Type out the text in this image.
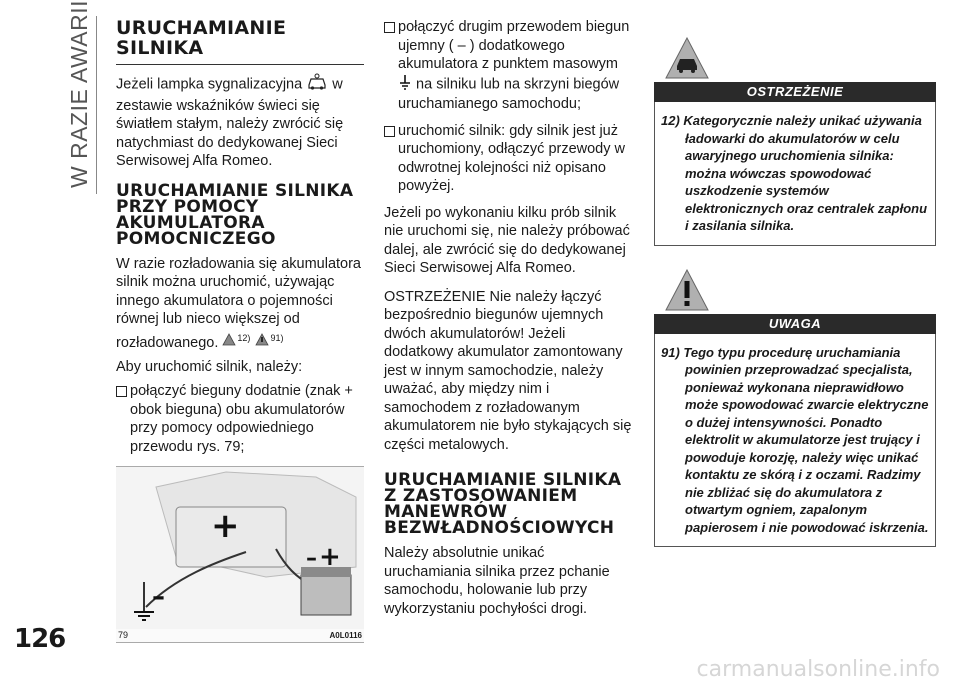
W RAZIE AWARII
126
carmanualsonline.info
URUCHAMIANIE SILNIKA

Jeżeli lampka sygnalizacyjna w zestawie wskaźników świeci się światłem stałym, należy zwrócić się natychmiast do dedykowanej Sieci Serwisowej Alfa Romeo.

URUCHAMIANIE SILNIKA PRZY POMOCY AKUMULATORA POMOCNICZEGO

W razie rozładowania się akumulatora silnik można uruchomić, używając innego akumulatora o pojemności równej lub nieco większej od rozładowanego. $^{12)}$ $^{91)}$

Aby uruchomić silnik, należy:

połączyć bieguny dodatnie (znak + obok bieguna) obu akumulatorów przy pomocy odpowiedniego przewodu rys. 79;
+
+
–
–
79	A0L0116
połączyć drugim przewodem biegun ujemny ( – ) dodatkowego akumulatora z punktem masowym  na silniku lub na skrzyni biegów uruchamianego samochodu;
uruchomić silnik: gdy silnik jest już uruchomiony, odłączyć przewody w odwrotnej kolejności niż opisano powyżej.

Jeżeli po wykonaniu kilku prób silnik nie uruchomi się, nie należy próbować dalej, ale zwrócić się do dedykowanej Sieci Serwisowej Alfa Romeo.

OSTRZEŻENIE Nie należy łączyć bezpośrednio biegunów ujemnych dwóch akumulatorów! Jeżeli dodatkowy akumulator zamontowany jest w innym samochodzie, należy uważać, aby między nim i samochodem z rozładowanym akumulatorem nie było stykających się części metalowych.

URUCHAMIANIE SILNIKA Z ZASTOSOWANIEM MANEWRÓW BEZWŁADNOŚCIOWYCH

Należy absolutnie unikać uruchamiania silnika przez pchanie samochodu, holowanie lub przy wykorzystaniu pochyłości drogi.

OSTRZEŻENIE
12) Kategorycznie należy unikać używania ładowarki do akumulatorów w celu awaryjnego uruchomienia silnika: można wówczas spowodować uszkodzenie systemów elektronicznych oraz centralek zapłonu i zasilania silnika.
UWAGA
91) Tego typu procedurę uruchamiania powinien przeprowadzać specjalista, ponieważ wykonana nieprawidłowo może spowodować zwarcie elektryczne o dużej intensywności. Ponadto elektrolit w akumulatorze jest trujący i powoduje korozję, należy więc unikać kontaktu ze skórą i z oczami. Radzimy nie zbliżać się do akumulatora z otwartym ogniem, zapalonym papierosem i nie powodować iskrzenia.
